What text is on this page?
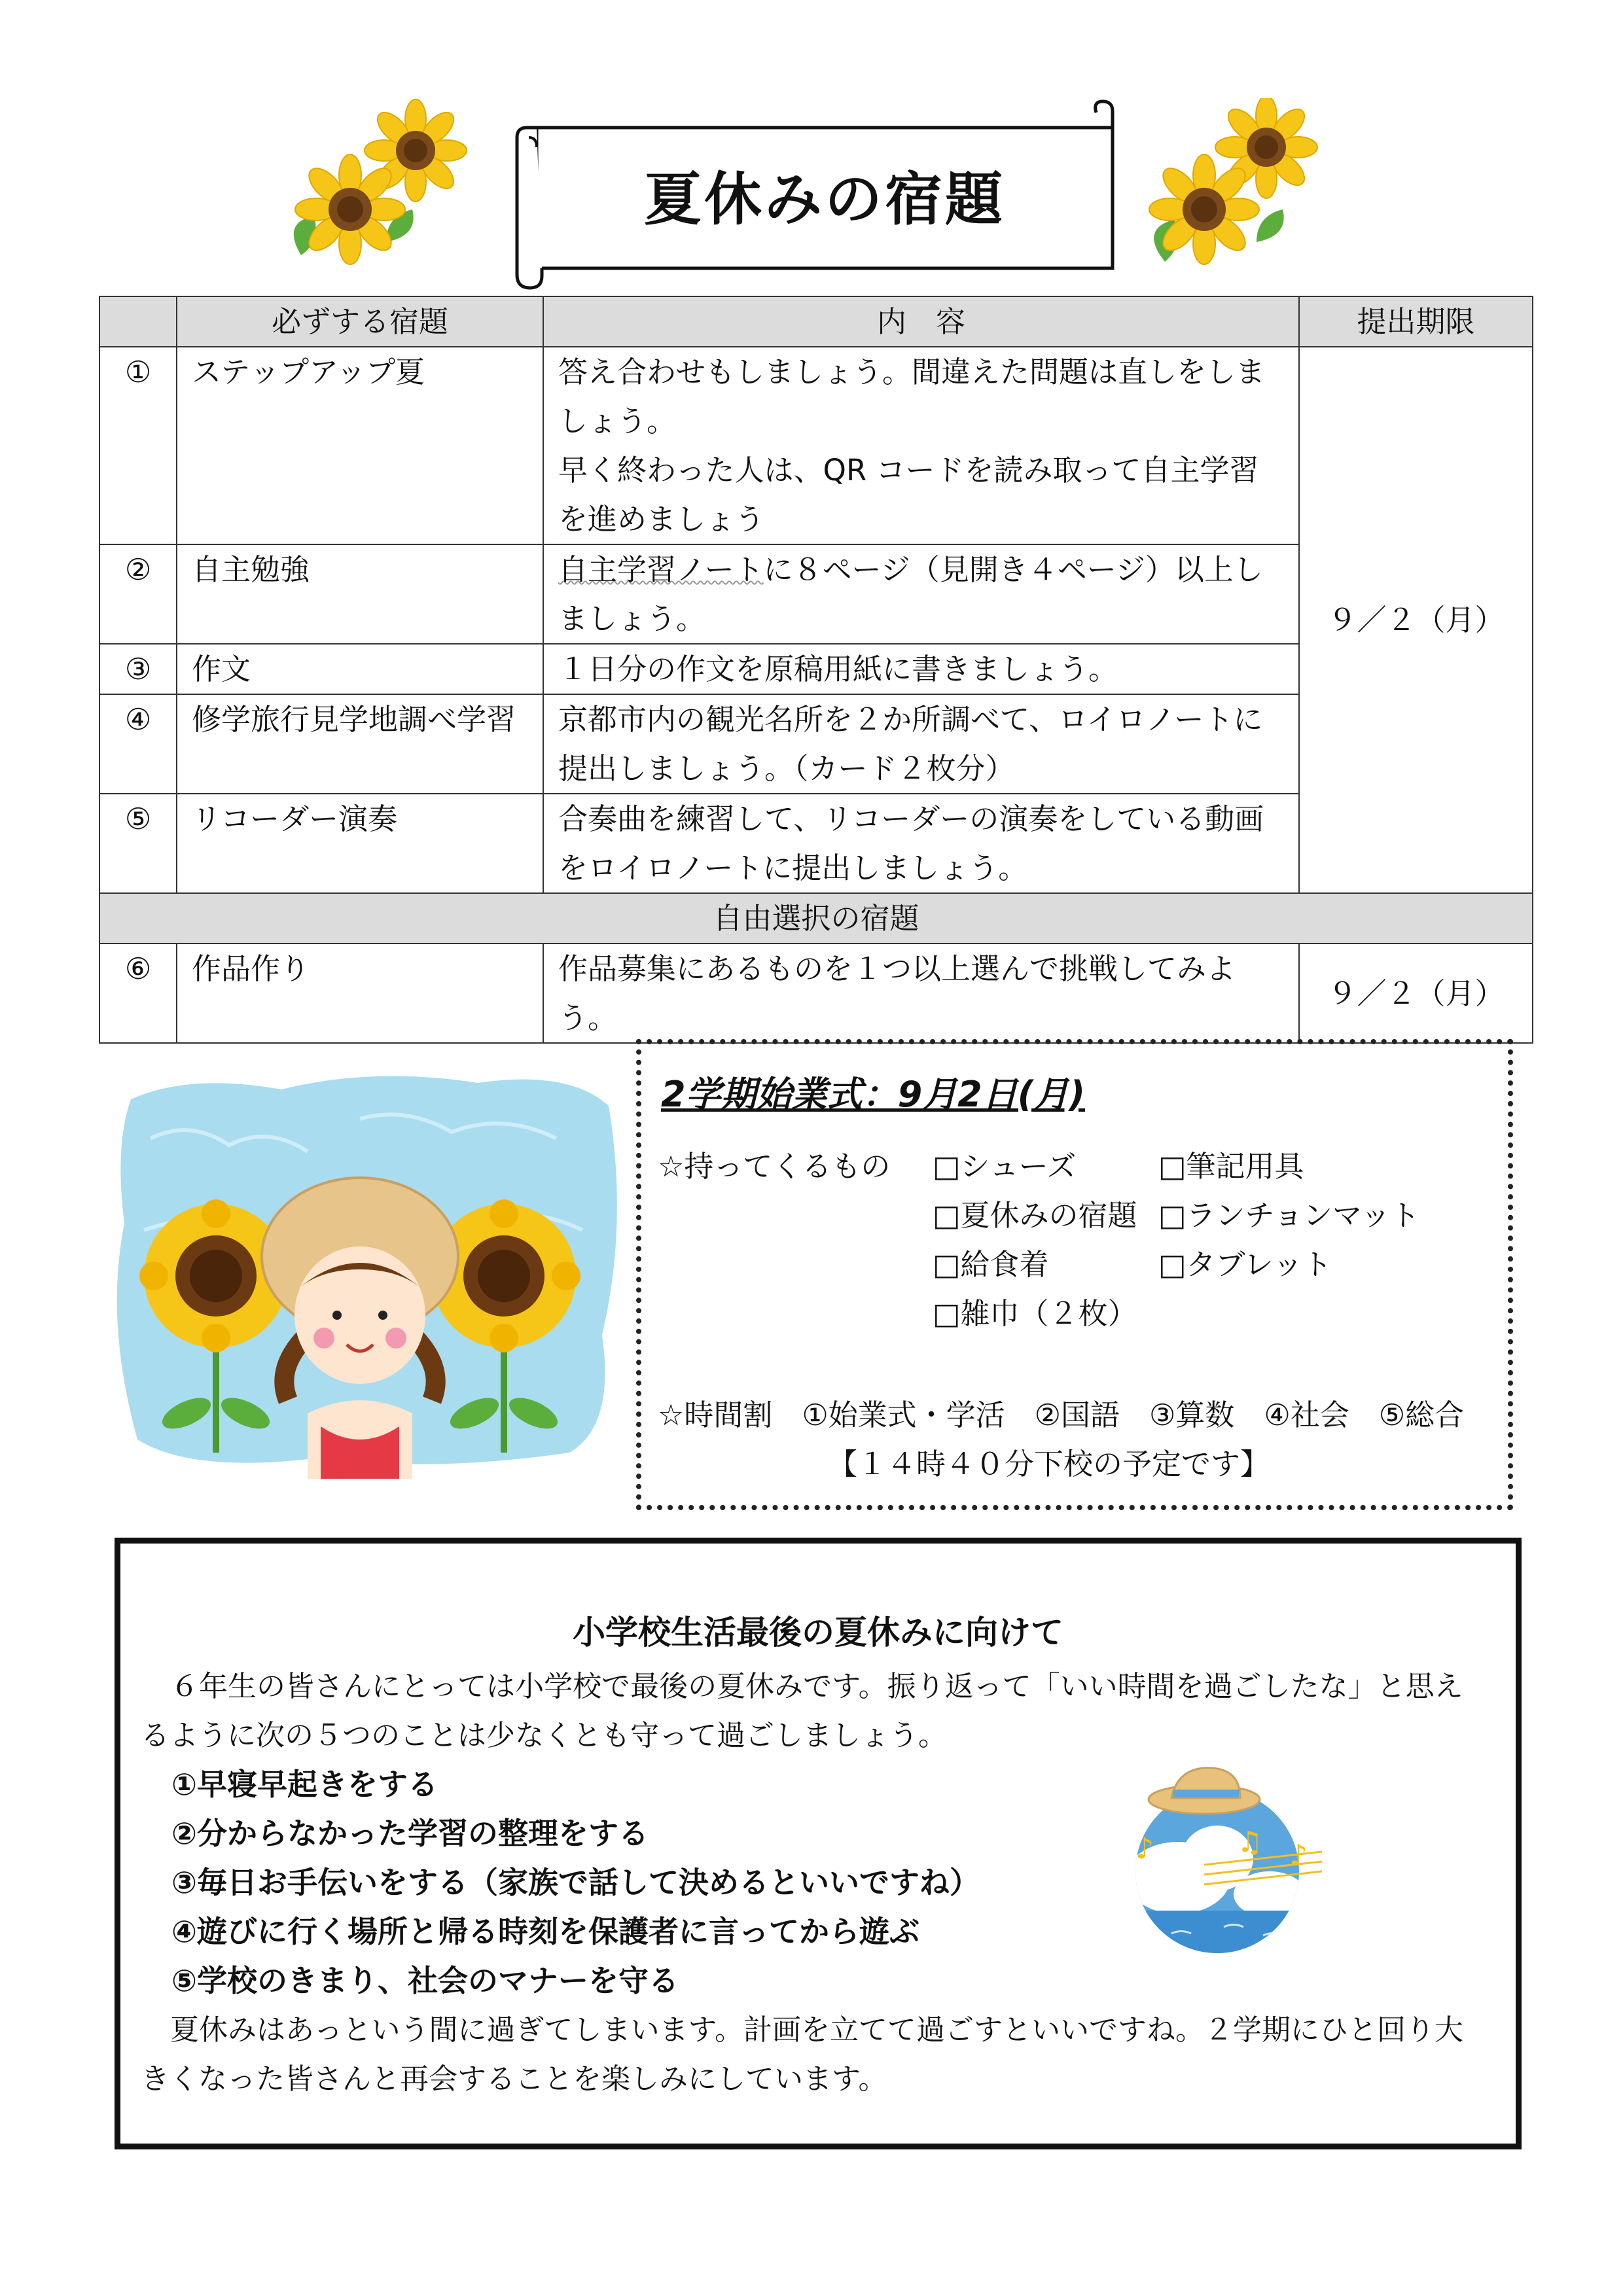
夏休みの宿題
	必ずする宿題	内　容	提出期限
①	ステップアップ夏	答え合わせもしましょう。間違えた問題は直しをしましょう。
早く終わった人は、QR コードを読み取って自主学習を進めましょう	９／２（月）
②	自主勉強	自主学習ノートに８ページ（見開き４ページ）以上しましょう。	
③	作文	１日分の作文を原稿用紙に書きましょう。	
④	修学旅行見学地調べ学習	京都市内の観光名所を２か所調べて、ロイロノートに提出しましょう。（カード２枚分）	
⑤	リコーダー演奏	合奏曲を練習して、リコーダーの演奏をしている動画をロイロノートに提出しましょう。	
自由選択の宿題			
⑥	作品作り	作品募集にあるものを１つ以上選んで挑戦してみよう。	９／２（月）
2学期始業式：9月2日(月)
☆持ってくるもの □シューズ	□筆記用具
□夏休みの宿題 □ランチョンマット
□給食着	□タブレット
□雑巾（２枚）
☆時間割　①始業式・学活　②国語　③算数　④社会　⑤総合
【１４時４０分下校の予定です】
小学校生活最後の夏休みに向けて
６年生の皆さんにとっては小学校で最後の夏休みです。振り返って「いい時間を過ごしたな」と思え
るように次の５つのことは少なくとも守って過ごしましょう。
①早寝早起きをする
②分からなかった学習の整理をする
③毎日お手伝いをする（家族で話して決めるといいですね）
④遊びに行く場所と帰る時刻を保護者に言ってから遊ぶ
⑤学校のきまり、社会のマナーを守る
夏休みはあっという間に過ぎてしまいます。計画を立てて過ごすといいですね。２学期にひと回り大
きくなった皆さんと再会することを楽しみにしています。
♪	♫ ♪
